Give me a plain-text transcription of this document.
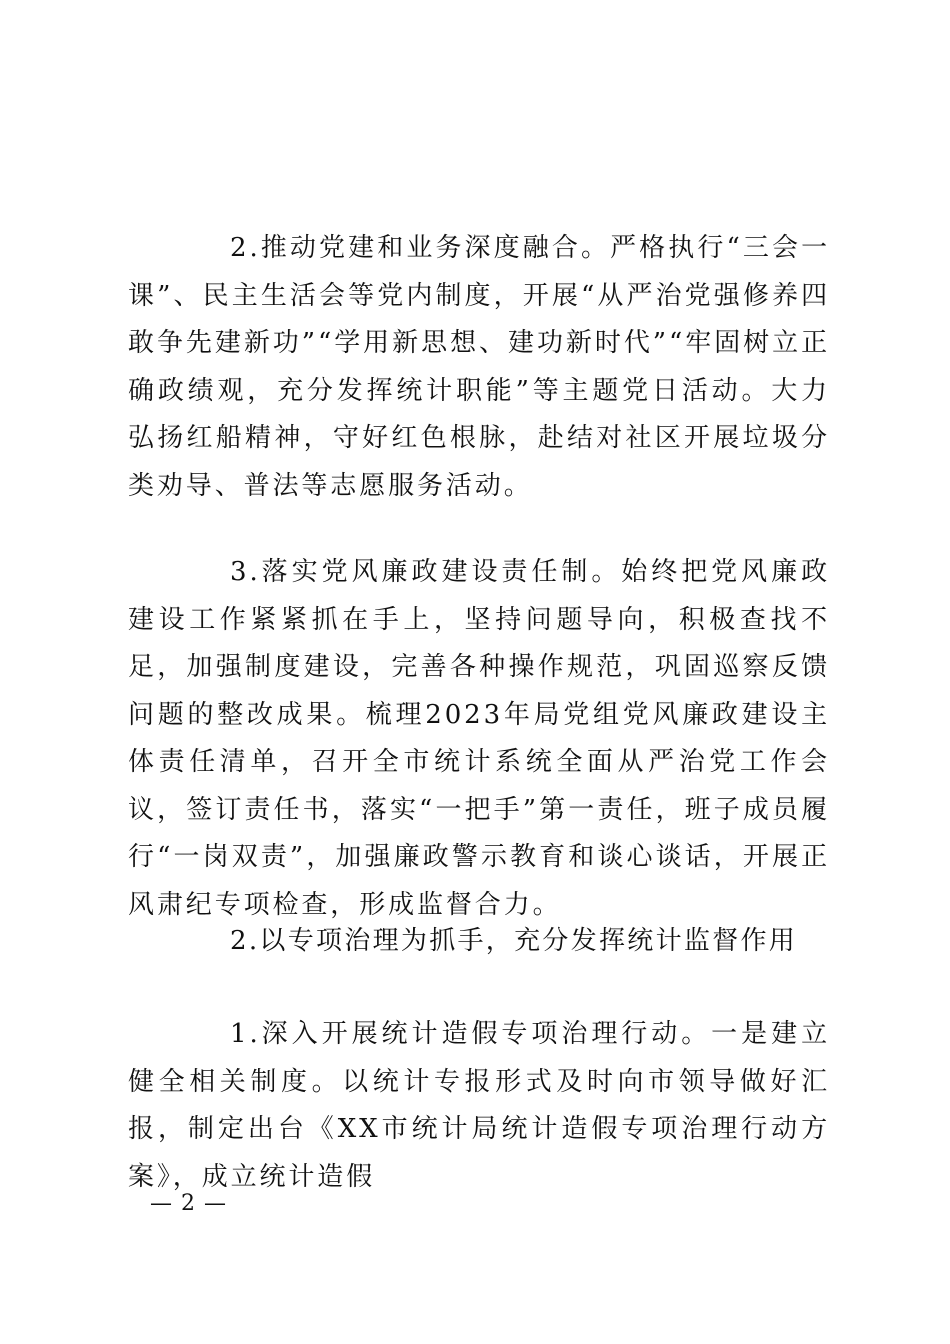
2.推动党建和业务深度融合。严格执行“三会一课”、民主生活会等党内制度，开展“从严治党强修养四敢争先建新功”“学用新思想、建功新时代”“牢固树立正确政绩观，充分发挥统计职能”等主题党日活动。大力弘扬红船精神，守好红色根脉，赴结对社区开展垃圾分类劝导、普法等志愿服务活动。

3.落实党风廉政建设责任制。始终把党风廉政建设工作紧紧抓在手上，坚持问题导向，积极查找不足，加强制度建设，完善各种操作规范，巩固巡察反馈问题的整改成果。梳理2023年局党组党风廉政建设主体责任清单，召开全市统计系统全面从严治党工作会议，签订责任书，落实“一把手”第一责任，班子成员履行“一岗双责”，加强廉政警示教育和谈心谈话，开展正风肃纪专项检查，形成监督合力。

2.以专项治理为抓手，充分发挥统计监督作用

1.深入开展统计造假专项治理行动。一是建立健全相关制度。以统计专报形式及时向市领导做好汇报，制定出台《XX市统计局统计造假专项治理行动方案》，成立统计造假

— 2 —
